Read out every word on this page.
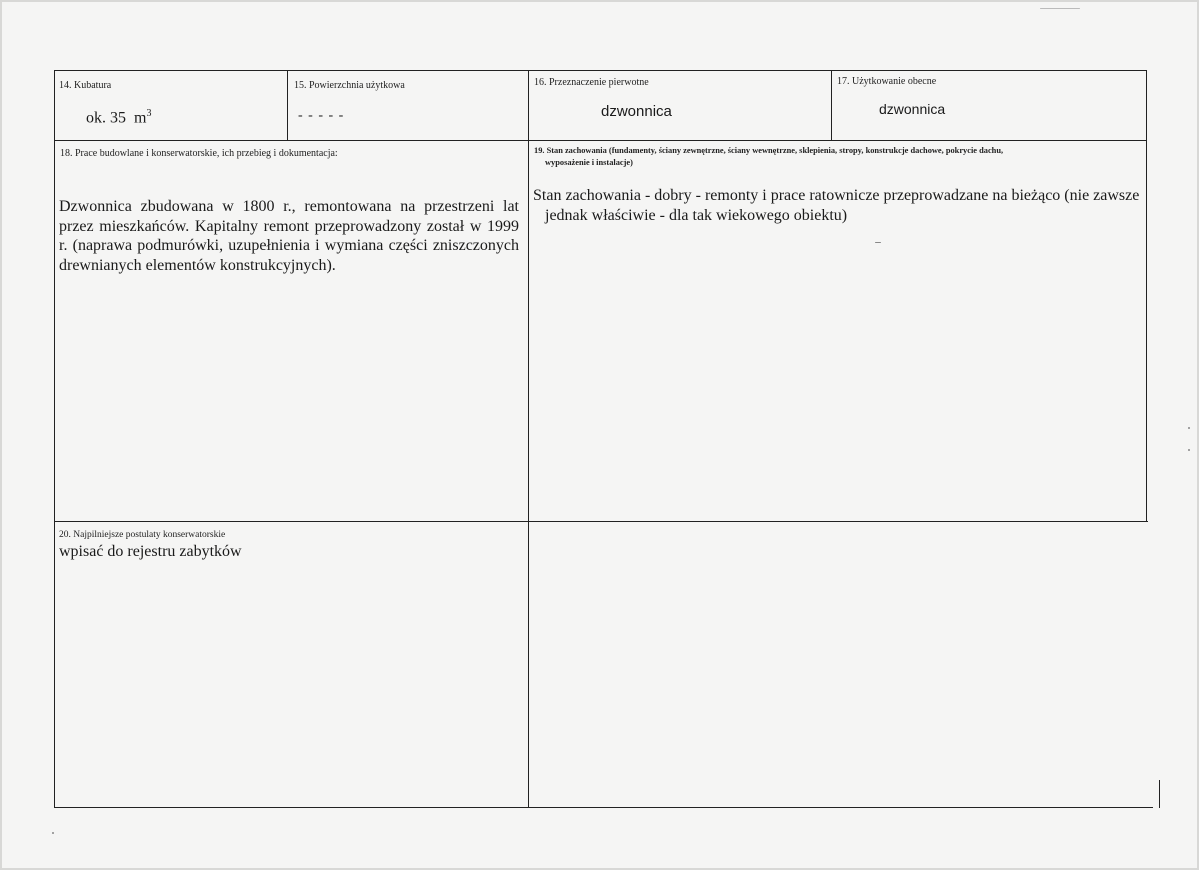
14. Kubatura
ok. 35 $m^3$
15. Powierzchnia użytkowa
- - - - -
16. Przeznaczenie pierwotne
dzwonnica
17. Użytkowanie obecne
dzwonnica
18. Prace budowlane i konserwatorskie, ich przebieg i dokumentacja:
Dzwonnica zbudowana w 1800 r., remontowana na przestrzeni lat przez mieszkańców. Kapitalny remont przeprowadzony został w 1999 r. (naprawa podmurówki, uzupełnienia i wymiana części zniszczonych drewnianych elementów konstrukcyjnych).
19. Stan zachowania (fundamenty, ściany zewnętrzne, ściany wewnętrzne, sklepienia, stropy, konstrukcje dachowe, pokrycie dachu,
wyposażenie i instalacje)
Stan zachowania - dobry - remonty i prace ratownicze przeprowadzane na bieżąco (nie zawsze jednak właściwie - dla tak wiekowego obiektu)
20. Najpilniejsze postulaty konserwatorskie
wpisać do rejestru zabytków
